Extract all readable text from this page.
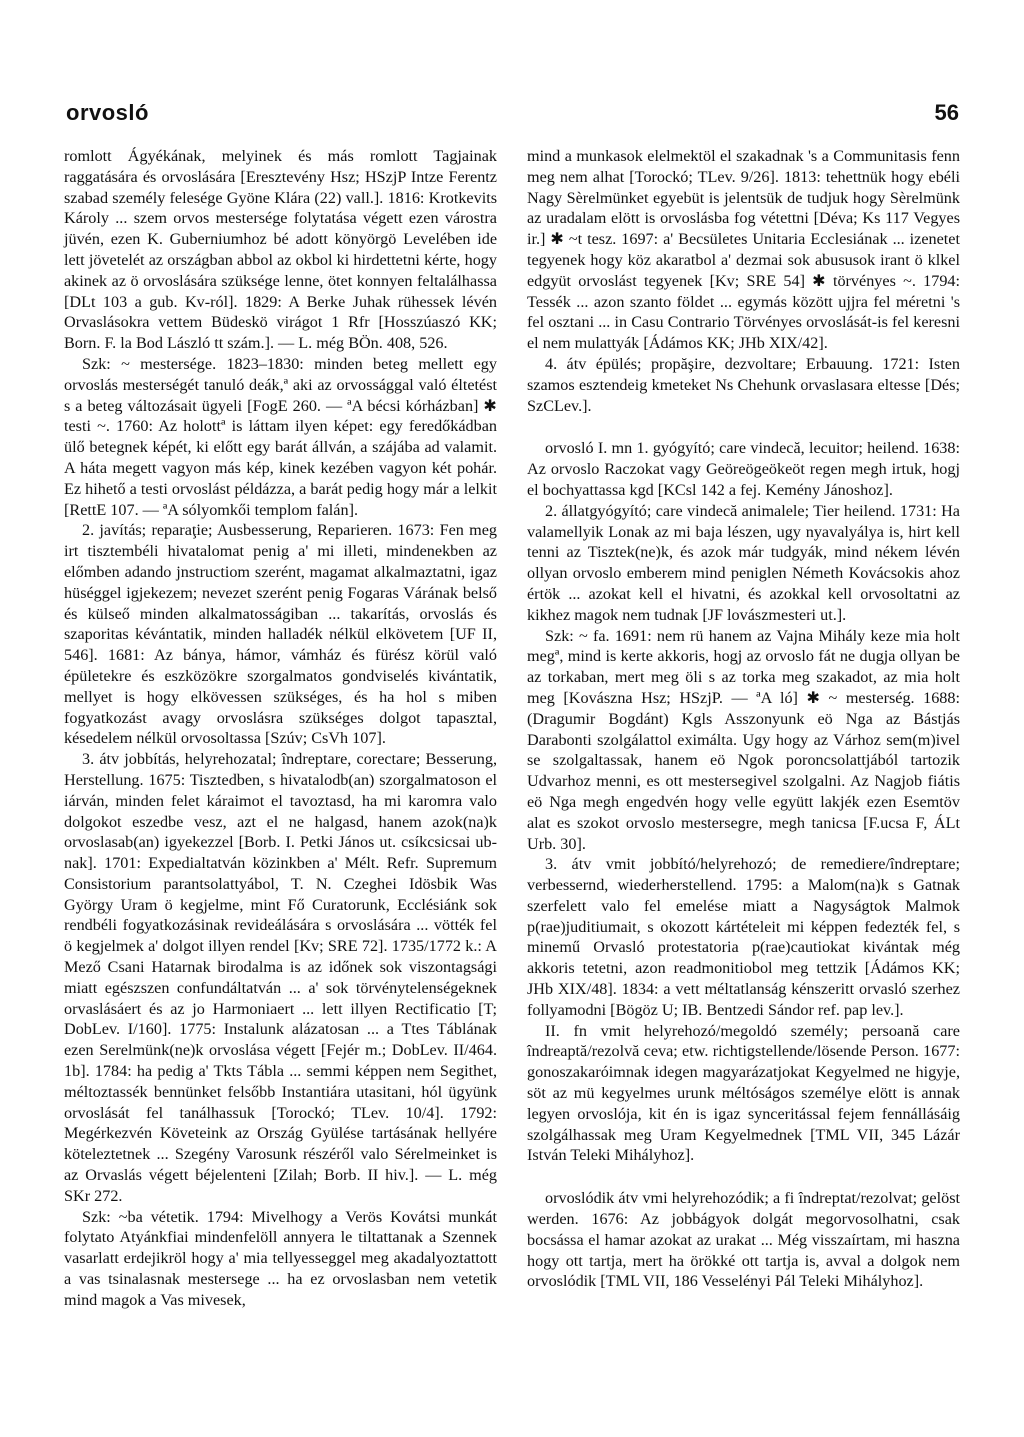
orvosló	56

romlott Ágyékának, melyinek és más romlott Tagjainak raggatására és orvoslására [Eresztevény Hsz; HSzjP Intze Ferentz szabad személy felesége Gyöne Klára (22) vall.]. 1816: Krotkevits Károly ... szem orvos mestersége folytatása végett ezen várostra jüvén, ezen K. Guberniumhoz bé adott könyörgö Levelében ide lett jövetelét az országban abbol az okbol ki hirdettetni kérte, hogy akinek az ö orvoslására szükségе lenne, ötet konnyen feltalálhassa [DLt 103 a gub. Kv-ról]. 1829: A Berke Juhak rühessek lévén Orvaslásokra vettem Büdeskö virágot 1 Rfr [Hosszúaszó KK; Born. F. la Bod László tt szám.]. — L. még BÖn. 408, 526.

Szk: ~ mestersége. 1823–1830: minden beteg mellett egy orvoslás mesterségét tanuló deák,ª aki az orvossággal való éltetést s a beteg változásait ügyeli [FogE 260. — ªA bécsi kórházban] ✱ testi ~. 1760: Az holottª is láttam ilyen képet: egy feredőkádban ülő betegnek képét, ki előtt egy barát állván, a szájába ad valamit. A háta megett vagyon más kép, kinek kezében vagyon két pohár. Ez hihető a testi orvoslást példázza, a barát pedig hogy már a lelkit [RettE 107. — ªA sólyomkői templom falán].

2. javítás; reparaţie; Ausbesserung, Reparieren. 1673: Fen meg irt tisztembéli hivatalomat penig a' mi illeti, mindenekben az előmben adando jnstructiom szerént, magamat alkalmaztatni, igaz hüséggel igjekezem; nevezet szerént penig Fogaras Várának belső és külseő minden alkalmatosságiban ... takarítás, orvoslás és szaporitas kévántatik, minden halladék nélkül elkövetem [UF II, 546]. 1681: Az bánya, hámor, vámház és fürész körül való épületekre és eszközökre szorgalmatos gondviselés kivántatik, mellyet is hogy elkövessen szükséges, és ha hol s miben fogyatkozást avagy orvoslásra szükséges dolgot tapasztal, késedelem nélkül orvosoltassa [Szúv; CsVh 107].

3. átv jobbítás, helyrehozatal; îndreptare, corectare; Besserung, Herstellung. 1675: Tisztedben, s hivatalodb(an) szorgalmatoson el iárván, minden felet káraimot el tavoztasd, ha mi karomra valo dolgokot eszedbe vesz, azt el ne halgasd, hanem azok(na)k orvoslasab(an) igyekezzel [Borb. I. Petki János ut. csíkcsicsai ub-nak]. 1701: Expedialtatván közinkben a' Mélt. Refr. Supremum Consistorium parantsolattyábol, T. N. Czeghei Idösbik Was György Uram ö kegjelme, mint Fő Curatorunk, Ecclésiánk sok rendbéli fogyatkozásinak revideálására s orvoslására ... vötték fel ö kegjelmek a' dolgot illyen rendel [Kv; SRE 72]. 1735/1772 k.: A Mező Csani Hatarnak birodalma is az időnek sok viszontagsági miatt egészszen confundáltatván ... a' sok törvénytelenségeknek orvaslásáert és az jo Harmoniaert ... lett illyen Rectificatio [T; DobLev. I/160]. 1775: Instalunk alázatosan ... a Ttes Táblának ezen Serelmünk(ne)k orvoslása végett [Fejér m.; DobLev. II/464. 1b]. 1784: ha pedig a' Tkts Tábla ... semmi képpen nem Segithet, méltoztassék bennünket felsőbb Instantiára utasitani, hól ügyünk orvoslását fel tanálhassuk [Torockó; TLev. 10/4]. 1792: Megérkezvén Követeink az Ország Gyülése tartásának hellyére köteleztetnek ... Szegény Varosunk részéről valo Sérelmeinket is az Orvaslás végett béjelenteni [Zilah; Borb. II hiv.]. — L. még SKr 272.

Szk: ~ba vétetik. 1794: Mivelhogy a Verös Kovátsi munkát folytato Atyánkfiai mindenfelöll annyera le tiltattanak a Szennek vasarlatt erdejikröl hogy a' mia tellyesseggel meg akadalyoztattott a vas tsinalasnak mestersege ... ha ez orvoslasban nem vetetik mind magok a Vas mivesek,

mind a munkasok elelmektöl el szakadnak 's a Communitasis fenn meg nem alhat [Torockó; TLev. 9/26]. 1813: tehettnük hogy ebéli Nagy Sèrelmünket egyebüt is jelentsük de tudjuk hogy Sèrelmünk az uradalam elött is orvoslásba fog vétettni [Déva; Ks 117 Vegyes ir.] ✱ ~t tesz. 1697: a' Becsületes Unitaria Ecclesiának ... izenetet tegyenek hogy köz akaratbol a' dezmai sok abususok irant ö klkel edgyüt orvoslást tegyenek [Kv; SRE 54] ✱ törvényes ~. 1794: Tessék ... azon szanto földet ... egymás között ujjra fel méretni 's fel osztani ... in Casu Contrario Törvényes orvoslását-is fel keresni el nem mulattyák [Ádámos KK; JHb XIX/42].

4. átv épülés; propăşire, dezvoltare; Erbauung. 1721: Isten szamos esztendeig kmeteket Ns Chehunk orvaslasara eltesse [Dés; SzCLev.].

orvosló I. mn 1. gyógyító; care vindecă, lecuitor; heilend. 1638: Az orvoslo Raczokat vagy Geöreögeökeöt regen megh irtuk, hogj el bochyattassa kgd [KCsl 142 a fej. Kemény Jánoshoz].

2. állatgyógyító; care vindecă animalele; Tier heilend. 1731: Ha valamellyik Lonak az mi baja lészen, ugy nyavalyálya is, hirt kell tenni az Tisztek(ne)k, és azok már tudgyák, mind nékem lévén ollyan orvoslo emberem mind peniglen Németh Kovácsokis ahoz értök ... azokat kell el hivatni, és azokkal kell orvosoltatni az kikhez magok nem tudnak [JF lovászmesteri ut.].

Szk: ~ fa. 1691: nem rü hanem az Vajna Mihály keze mia holt megª, mind is kerte akkoris, hogj az orvoslo fát ne dugja ollyan be az torkaban, mert meg öli s az torka meg szakadot, az mia holt meg [Kovászna Hsz; HSzjP. — ªA ló] ✱ ~ mesterség. 1688: (Dragumir Bogdánt) Kgls Asszonyunk eö Nga az Bástjás Darabonti szolgálattol eximálta. Ugy hogy az Várhoz sem(m)ivel se szolgaltassak, hanem eö Ngok poroncsolattjából tartozik Udvarhoz menni, es ott mestersegivel szolgalni. Az Nagjob fiátis eö Nga megh engedvén hogy velle együtt lakjék ezen Esemtöv alat es szokot orvoslo mestersegre, megh tanicsa [F.ucsa F, ÁLt Urb. 30].

3. átv vmit jobbító/helyrehozó; de remediere/îndreptare; verbessernd, wiederherstellend. 1795: a Malom(na)k s Gatnak szerfelett valo fel emelése miatt a Nagyságtok Malmok p(rae)juditiumait, s okozott kártételeit mi képpen fedezték fel, s minemű Orvasló protestatoria p(rae)cautiokat kivántak még akkoris tetetni, azon readmonitiobol meg tettzik [Ádámos KK; JHb XIX/48]. 1834: a vett méltatlanság kénszeritt orvasló szerhez follyamodni [Bögöz U; IB. Bentzedi Sándor ref. pap lev.].

II. fn vmit helyrehozó/megoldó személy; persoană care îndreaptă/rezolvă ceva; etw. richtigstellende/lösende Person. 1677: gonoszakaróimnak idegen magyarázatjokat Kegyelmed ne higyje, söt az mü kegyelmes urunk méltóságos személye elött is annak legyen orvoslója, kit én is igaz synceritással fejem fennállásáig szolgálhassak meg Uram Kegyelmednek [TML VII, 345 Lázár István Teleki Mihályhoz].

orvoslódik átv vmi helyrehozódik; a fi îndreptat/rezolvat; gelöst werden. 1676: Az jobbágyok dolgát megorvosolhatni, csak bocsássa el hamar azokat az urakat ... Még visszaírtam, mi haszna hogy ott tartja, mert ha örökké ott tartja is, avval a dolgok nem orvoslódik [TML VII, 186 Vesselényi Pál Teleki Mihályhoz].
